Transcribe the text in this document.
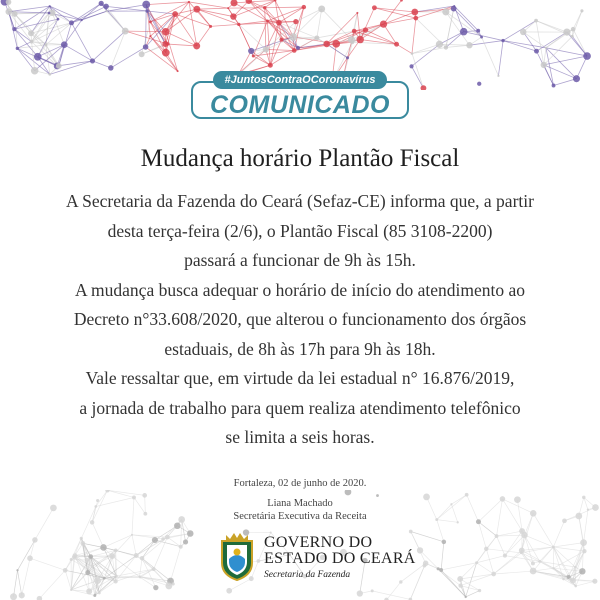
#JuntosContraOCoronavírus
COMUNICADO
Mudança horário Plantão Fiscal
A Secretaria da Fazenda do Ceará (Sefaz-CE) informa que, a partir
desta terça-feira (2/6), o Plantão Fiscal (85 3108-2200)
passará a funcionar de 9h às 15h.
A mudança busca adequar o horário de início do atendimento ao
Decreto n°33.608/2020, que alterou o funcionamento dos órgãos
estaduais, de 8h às 17h para 9h às 18h.
Vale ressaltar que, em virtude da lei estadual n° 16.876/2019,
a jornada de trabalho para quem realiza atendimento telefônico
se limita a seis horas.
Fortaleza, 02 de junho de 2020.
Liana Machado
Secretária Executiva da Receita
GOVERNO DO
ESTADO DO CEARÁ
Secretaria da Fazenda
